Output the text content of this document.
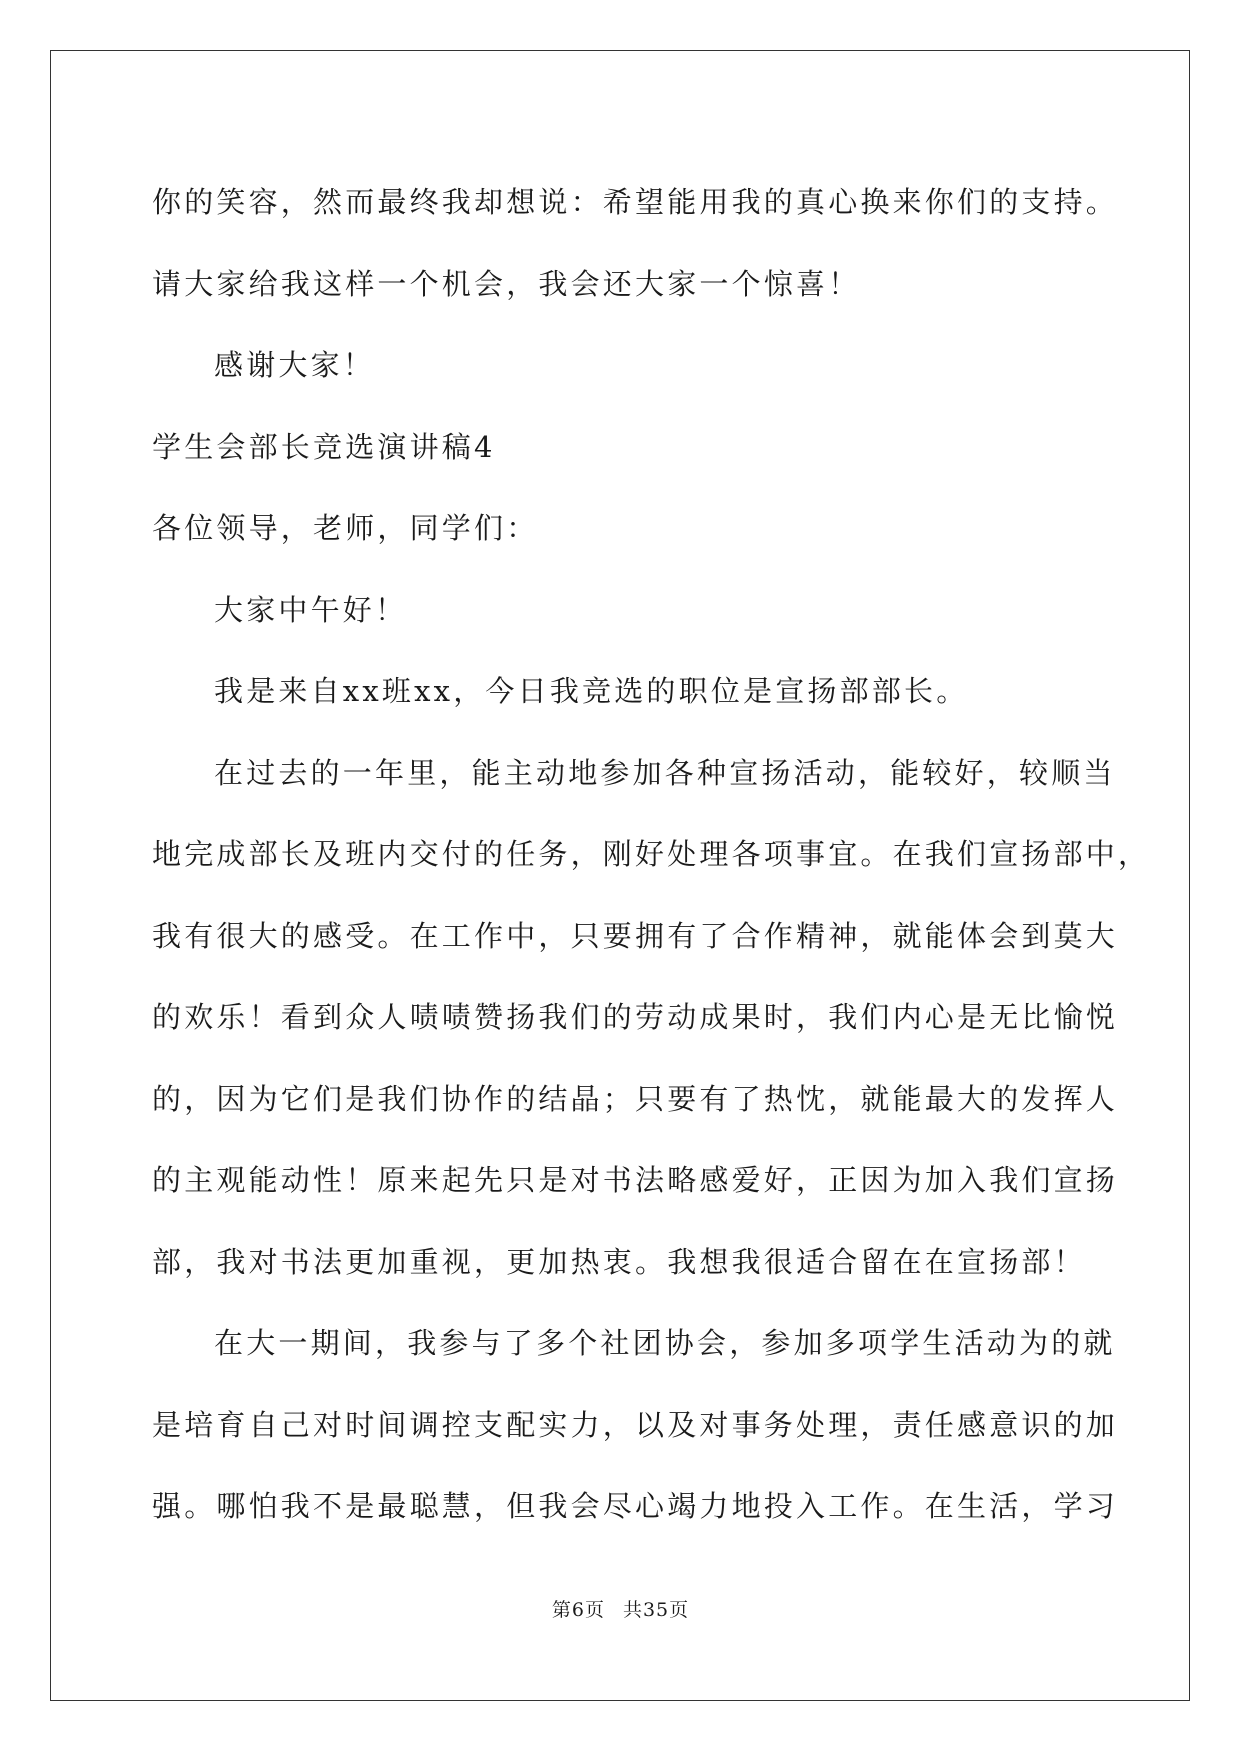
你的笑容，然而最终我却想说：希望能用我的真心换来你们的支持。
请大家给我这样一个机会，我会还大家一个惊喜！
感谢大家！
学生会部长竞选演讲稿4
各位领导，老师，同学们：
大家中午好！
我是来自xx班xx，今日我竞选的职位是宣扬部部长。
在过去的一年里，能主动地参加各种宣扬活动，能较好，较顺当
地完成部长及班内交付的任务，刚好处理各项事宜。在我们宣扬部中，
我有很大的感受。在工作中，只要拥有了合作精神，就能体会到莫大
的欢乐！看到众人啧啧赞扬我们的劳动成果时，我们内心是无比愉悦
的，因为它们是我们协作的结晶；只要有了热忱，就能最大的发挥人
的主观能动性！原来起先只是对书法略感爱好，正因为加入我们宣扬
部，我对书法更加重视，更加热衷。我想我很适合留在在宣扬部！
在大一期间，我参与了多个社团协会，参加多项学生活动为的就
是培育自己对时间调控支配实力，以及对事务处理，责任感意识的加
强。哪怕我不是最聪慧，但我会尽心竭力地投入工作。在生活，学习
第6页 共35页
